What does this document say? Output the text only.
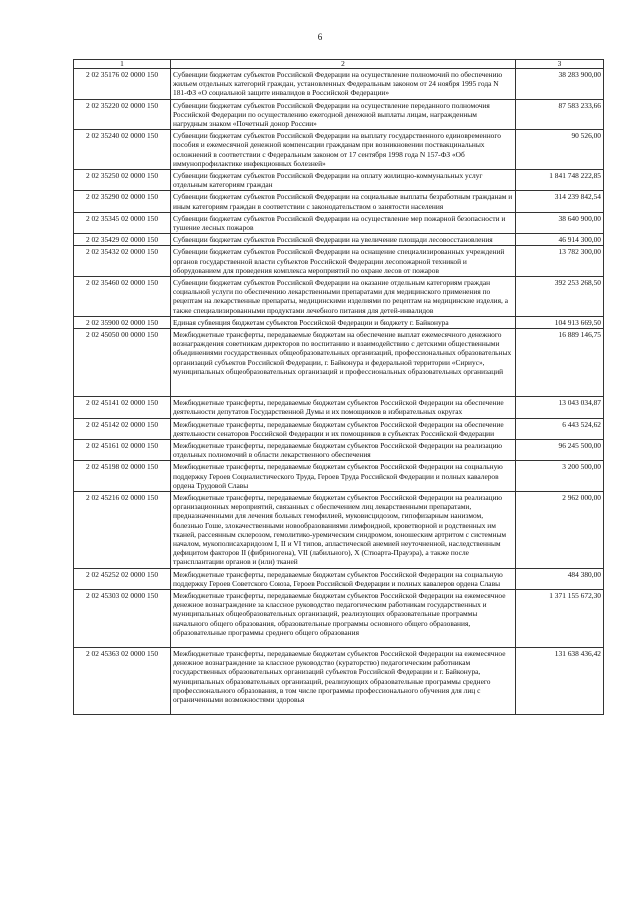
6
1	2	3
2 02 35176 02 0000 150	Субвенции бюджетам субъектов Российской Федерации на осуществление полномочий по обеспечению жильем отдельных категорий граждан, установленных Федеральным законом от 24 ноября 1995 года N 181-ФЗ «О социальной защите инвалидов в Российской Федерации»	38 283 900,00
2 02 35220 02 0000 150	Субвенции бюджетам субъектов Российской Федерации на осуществление переданного полномочия Российской Федерации по осуществлению ежегодной денежной выплаты лицам, награжденным нагрудным знаком «Почетный донор России»	87 583 233,66
2 02 35240 02 0000 150	Субвенции бюджетам субъектов Российской Федерации на выплату государственного единовременного пособия и ежемесячной денежной компенсации гражданам при возникновении поствакцинальных осложнений в соответствии с Федеральным законом от 17 сентября 1998 года N 157-ФЗ «Об иммунопрофилактике инфекционных болезней»	90 526,00
2 02 35250 02 0000 150	Субвенции бюджетам субъектов Российской Федерации на оплату жилищно-коммунальных услуг отдельным категориям граждан	1 841 748 222,85
2 02 35290 02 0000 150	Субвенции бюджетам субъектов Российской Федерации на социальные выплаты безработным гражданам и иным категориям граждан в соответствии с законодательством о занятости населения	314 239 842,54
2 02 35345 02 0000 150	Субвенции бюджетам субъектов Российской Федерации на осуществление мер пожарной безопасности и тушение лесных пожаров	38 640 900,00
2 02 35429 02 0000 150	Субвенции бюджетам субъектов Российской Федерации на увеличение площади лесовосстановления	46 914 300,00
2 02 35432 02 0000 150	Субвенции бюджетам субъектов Российской Федерации на оснащение специализированных учреждений органов государственной власти субъектов Российской Федерации лесопожарной техникой и оборудованием для проведения комплекса мероприятий по охране лесов от пожаров	13 782 300,00
2 02 35460 02 0000 150	Субвенции бюджетам субъектов Российской Федерации на оказание отдельным категориям граждан социальной услуги по обеспечению лекарственными препаратами для медицинского применения по рецептам на лекарственные препараты, медицинскими изделиями по рецептам на медицинские изделия, а также специализированными продуктами лечебного питания для детей-инвалидов	392 253 268,50
2 02 35900 02 0000 150	Единая субвенция бюджетам субъектов Российской Федерации и бюджету г. Байконура	104 913 669,50
2 02 45050 00 0000 150	Межбюджетные трансферты, передаваемые бюджетам на обеспечение выплат ежемесячного денежного вознаграждения советникам директоров по воспитанию и взаимодействию с детскими общественными объединениями государственных общеобразовательных организаций, профессиональных образовательных организаций субъектов Российской Федерации, г. Байконура и федеральной территории «Сириус», муниципальных общеобразовательных организаций и профессиональных образовательных организаций	16 889 146,75
2 02 45141 02 0000 150	Межбюджетные трансферты, передаваемые бюджетам субъектов Российской Федерации на обеспечение деятельности депутатов Государственной Думы и их помощников в избирательных округах	13 043 034,87
2 02 45142 02 0000 150	Межбюджетные трансферты, передаваемые бюджетам субъектов Российской Федерации на обеспечение деятельности сенаторов Российской Федерации и их помощников в субъектах Российской Федерации	6 443 524,62
2 02 45161 02 0000 150	Межбюджетные трансферты, передаваемые бюджетам субъектов Российской Федерации на реализацию отдельных полномочий в области лекарственного обеспечения	96 245 500,00
2 02 45198 02 0000 150	Межбюджетные трансферты, передаваемые бюджетам субъектов Российской Федерации на социальную поддержку Героев Социалистического Труда, Героев Труда Российской Федерации и полных кавалеров ордена Трудовой Славы	3 200 500,00
2 02 45216 02 0000 150	Межбюджетные трансферты, передаваемые бюджетам субъектов Российской Федерации на реализацию организационных мероприятий, связанных с обеспечением лиц лекарственными препаратами, предназначенными для лечения больных гемофилией, муковисцидозом, гипофизарным нанизмом, болезнью Гоше, злокачественными новообразованиями лимфоидной, кроветворной и родственных им тканей, рассеянным склерозом, гемолитико-уремическим синдромом, юношеским артритом с системным началом, мукополисахаридозом I, II и VI типов, апластической анемией неуточненной, наследственным дефицитом факторов II (фибриногена), VII (лабильного), X (Стюарта-Прауэра), а также после трансплантации органов и (или) тканей	2 962 000,00
2 02 45252 02 0000 150	Межбюджетные трансферты, передаваемые бюджетам субъектов Российской Федерации на социальную поддержку Героев Советского Союза, Героев Российской Федерации и полных кавалеров ордена Славы	484 380,00
2 02 45303 02 0000 150	Межбюджетные трансферты, передаваемые бюджетам субъектов Российской Федерации на ежемесячное денежное вознаграждение за классное руководство педагогическим работникам государственных и муниципальных общеобразовательных организаций, реализующих образовательные программы начального общего образования, образовательные программы основного общего образования, образовательные программы среднего общего образования	1 371 155 672,30
2 02 45363 02 0000 150	Межбюджетные трансферты, передаваемые бюджетам субъектов Российской Федерации на ежемесячное денежное вознаграждение за классное руководство (кураторство) педагогическим работникам государственных образовательных организаций субъектов Российской Федерации и г. Байконура, муниципальных образовательных организаций, реализующих образовательные программы среднего профессионального образования, в том числе программы профессионального обучения для лиц с ограниченными возможностями здоровья	131 638 436,42
